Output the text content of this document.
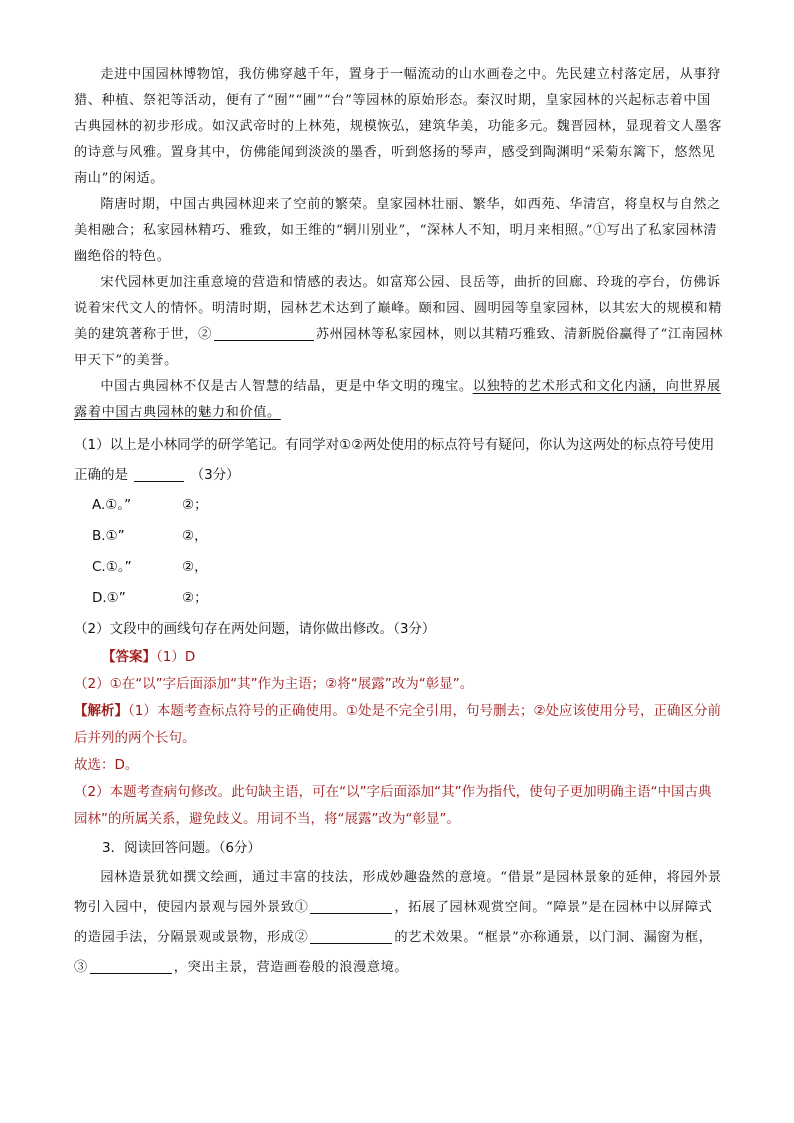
走进中国园林博物馆，我仿佛穿越千年，置身于一幅流动的山水画卷之中。先民建立村落定居，从事狩猎、种植、祭祀等活动，便有了“囿”“圃”“台”等园林的原始形态。秦汉时期，皇家园林的兴起标志着中国古典园林的初步形成。如汉武帝时的上林苑，规模恢弘，建筑华美，功能多元。魏晋园林，显现着文人墨客的诗意与风雅。置身其中，仿佛能闻到淡淡的墨香，听到悠扬的琴声，感受到陶渊明“采菊东篱下，悠然见南山”的闲适。

隋唐时期，中国古典园林迎来了空前的繁荣。皇家园林壮丽、繁华，如西苑、华清宫，将皇权与自然之美相融合；私家园林精巧、雅致，如王维的“辋川别业”，“深林人不知，明月来相照。”①写出了私家园林清幽绝俗的特色。

宋代园林更加注重意境的营造和情感的表达。如富郑公园、艮岳等，曲折的回廊、玲珑的亭台，仿佛诉说着宋代文人的情怀。明清时期，园林艺术达到了巅峰。颐和园、圆明园等皇家园林，以其宏大的规模和精美的建筑著称于世，②	苏州园林等私家园林，则以其精巧雅致、清新脱俗赢得了“江南园林甲天下”的美誉。

中国古典园林不仅是古人智慧的结晶，更是中华文明的瑰宝。以独特的艺术形式和文化内涵，向世界展露着中国古典园林的魅力和价值。

（1）以上是小林同学的研学笔记。有同学对①②两处使用的标点符号有疑问，你认为这两处的标点符号使用正确的是	（3分）

A.①。”	②；
B.①”	②，
C.①。”	②，
D.①”	②；

（2）文段中的画线句存在两处问题，请你做出修改。（3分）

【答案】（1）D

（2）①在“以”字后面添加“其”作为主语；②将“展露”改为“彰显”。

【解析】（1）本题考查标点符号的正确使用。①处是不完全引用，句号删去；②处应该使用分号，正确区分前后并列的两个长句。

故选：D。

（2）本题考查病句修改。此句缺主语，可在“以”字后面添加“其”作为指代，使句子更加明确主语“中国古典园林”的所属关系，避免歧义。用词不当，将“展露”改为“彰显”。

3．阅读回答问题。（6分）

园林造景犹如撰文绘画，通过丰富的技法，形成妙趣盎然的意境。“借景”是园林景象的延伸，将园外景物引入园中，使园内景观与园外景致①	，拓展了园林观赏空间。“障景”是在园林中以屏障式的造园手法，分隔景观或景物，形成②	的艺术效果。“框景”亦称通景，以门洞、漏窗为框，③	，突出主景，营造画卷般的浪漫意境。
